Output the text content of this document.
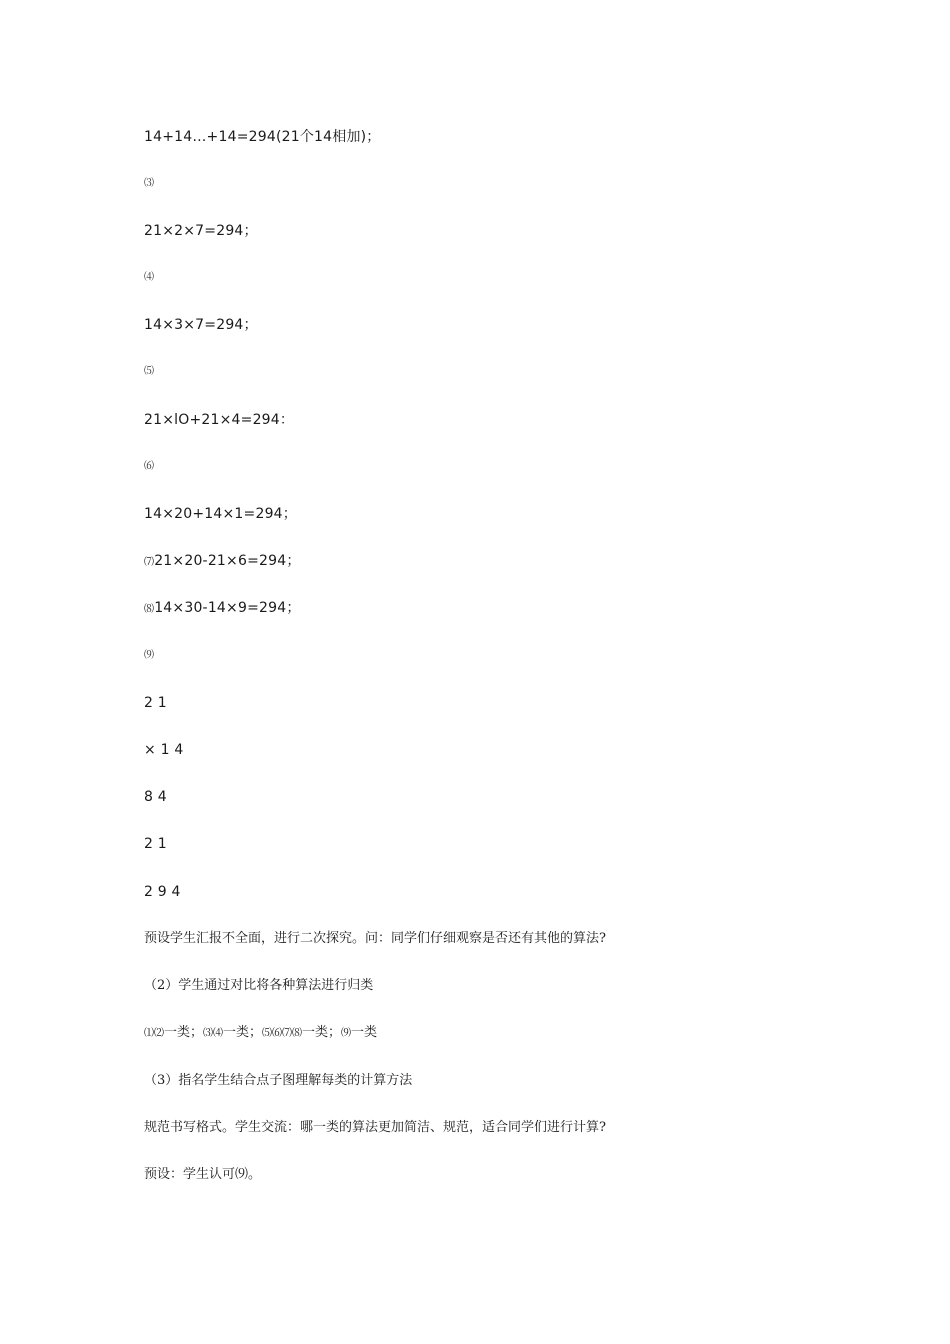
14+14…+14=294(21个14相加)；
⑶
21×2×7=294；
⑷
14×3×7=294；
⑸
21×lO+21×4=294：
⑹
14×20+14×1=294；
⑺21×20-21×6=294；
⑻14×30-14×9=294；
⑼
2 1
× 1 4
8 4
2 1
2 9 4
预设学生汇报不全面，进行二次探究。问：同学们仔细观察是否还有其他的算法?
（2）学生通过对比将各种算法进行归类
⑴⑵一类；⑶⑷一类；⑸⑹⑺⑻一类；⑼一类
（3）指名学生结合点子图理解每类的计算方法
规范书写格式。学生交流：哪一类的算法更加简洁、规范，适合同学们进行计算?
预设：学生认可⑼。
